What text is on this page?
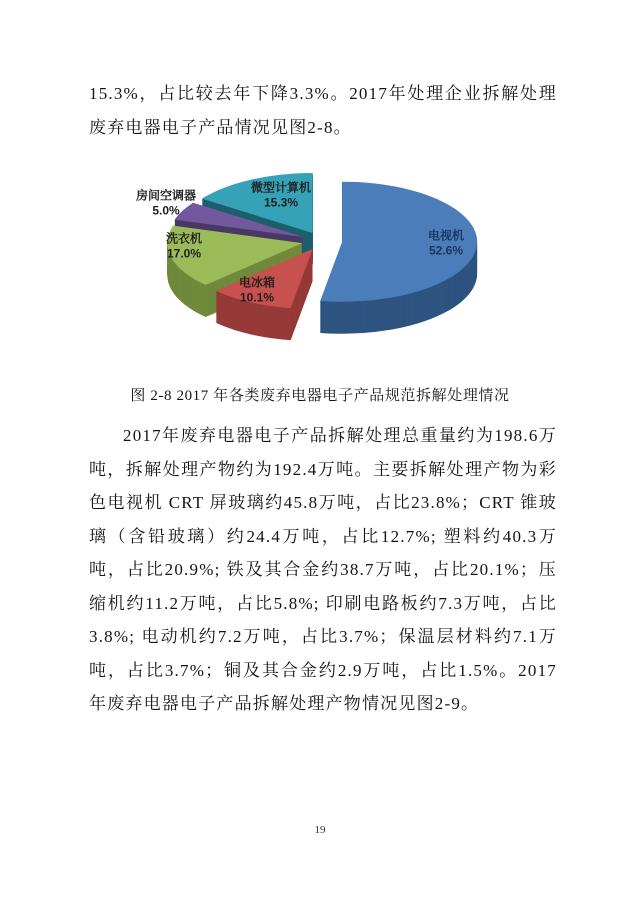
15.3%，占比较去年下降3.3%。2017年处理企业拆解处理废弃电器电子产品情况见图2-8。

电视机
52.6%
电冰箱
10.1%
洗衣机
17.0%
房间空调器
5.0%
微型计算机
15.3%
图 2-8 2017 年各类废弃电器电子产品规范拆解处理情况

2017年废弃电器电子产品拆解处理总重量约为198.6万吨，拆解处理产物约为192.4万吨。主要拆解处理产物为彩色电视机 CRT 屏玻璃约45.8万吨，占比23.8%；CRT 锥玻璃（含铅玻璃）约24.4万吨，占比12.7%; 塑料约40.3万吨，占比20.9%; 铁及其合金约38.7万吨，占比20.1%；压缩机约11.2万吨，占比5.8%; 印刷电路板约7.3万吨，占比3.8%; 电动机约7.2万吨，占比3.7%；保温层材料约7.1万吨，占比3.7%；铜及其合金约2.9万吨，占比1.5%。2017年废弃电器电子产品拆解处理产物情况见图2-9。

19
